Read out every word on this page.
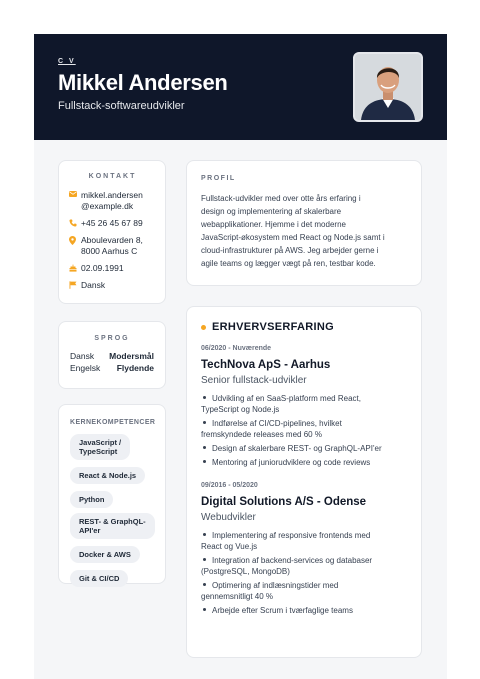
C V
Mikkel Andersen
Fullstack-softwareudvikler
KONTAKT
mikkel.andersen
@example.dk
+45 26 45 67 89
Aboulevarden 8,
8000 Aarhus C
02.09.1991
Dansk
SPROG
Dansk Modersmål
Engelsk Flydende
KERNEKOMPETENCER
JavaScript /
TypeScript
React & Node.js
Python
REST- & GraphQL-
API'er
Docker & AWS
Git & CI/CD
PROFIL
Fullstack-udvikler med over otte års erfaring i
design og implementering af skalerbare
webapplikationer. Hjemme i det moderne
JavaScript-økosystem med React og Node.js samt i
cloud-infrastrukturer på AWS. Jeg arbejder gerne i
agile teams og lægger vægt på ren, testbar kode.
ERHVERVSERFARING
06/2020 - Nuværende
TechNova ApS - Aarhus
Senior fullstack-udvikler
Udvikling af en SaaS-platform med React,
TypeScript og Node.js
Indførelse af CI/CD-pipelines, hvilket
fremskyndede releases med 60 %
Design af skalerbare REST- og GraphQL-API'er
Mentoring af juniorudviklere og code reviews
09/2016 - 05/2020
Digital Solutions A/S - Odense
Webudvikler
Implementering af responsive frontends med
React og Vue.js
Integration af backend-services og databaser
(PostgreSQL, MongoDB)
Optimering af indlæsningstider med
gennemsnitligt 40 %
Arbejde efter Scrum i tværfaglige teams
